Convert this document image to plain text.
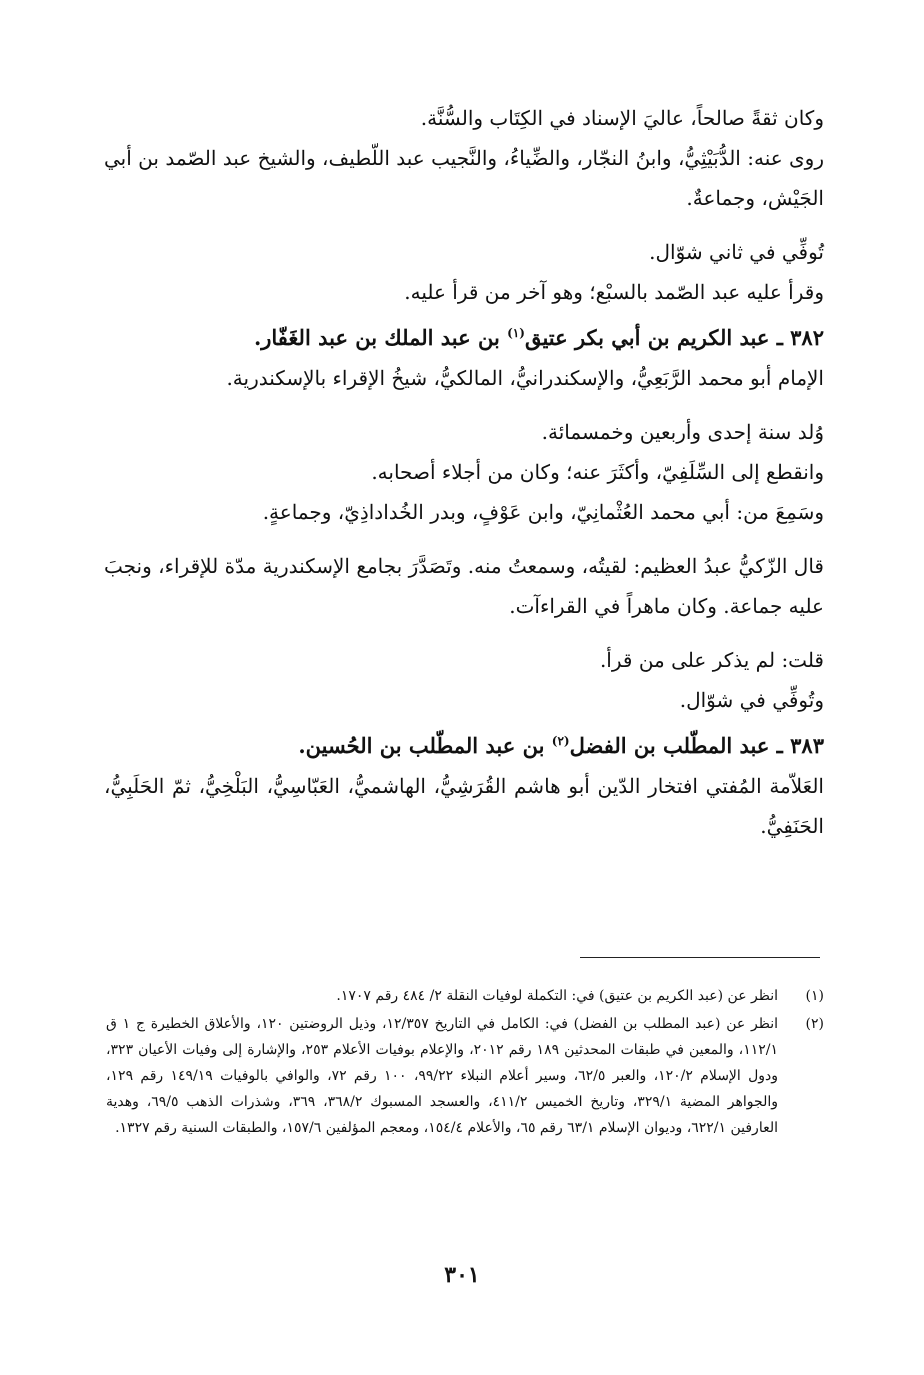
وكان ثقةً صالحاً، عاليَ الإسناد في الكِتَاب والسُّنَّة.

روى عنه: الدُّبَيْثِيُّ، وابنُ النجّار، والضِّياءُ، والنَّجيب عبد اللّطيف، والشيخ عبد الصّمد بن أبي الجَيْش، وجماعةٌ.

تُوفِّي في ثاني شوّال.

وقرأ عليه عبد الصّمد بالسبْع؛ وهو آخر من قرأ عليه.

٣٨٢ ـ عبد الكريم بن أبي بكر عتيق$^{(١)}$ بن عبد الملك بن عبد الغَفّار.

الإمام أبو محمد الرَّبَعِيُّ، والإسكندرانيُّ، المالكيُّ، شيخُ الإقراء بالإسكندرية.

وُلد سنة إحدى وأربعين وخمسمائة.

وانقطع إلى السِّلَفِيّ، وأكثَرَ عنه؛ وكان من أجلاء أصحابه.

وسَمِعَ من: أبي محمد العُثْمانِيّ، وابن عَوْفٍ، وبدر الخُداداذِيّ، وجماعةٍ.

قال الزّكيُّ عبدُ العظيم: لقيتُه، وسمعتُ منه. وتَصَدَّرَ بجامع الإسكندرية مدّة للإقراء، ونجبَ عليه جماعة. وكان ماهراً في القراءآت.

قلت: لم يذكر على من قرأ.

وتُوفِّي في شوّال.

٣٨٣ ـ عبد المطّلب بن الفضل$^{(٢)}$ بن عبد المطّلب بن الحُسين.

العَلاّمة المُفتي افتخار الدّين أبو هاشم القُرَشِيُّ، الهاشميُّ، العَبّاسِيُّ، البَلْخِيُّ، ثمّ الحَلَبِيُّ، الحَنَفِيُّ.

(١)
انظر عن (عبد الكريم بن عتيق) في: التكملة لوفيات النقلة ٢/ ٤٨٤ رقم ١٧٠٧.
(٢)
انظر عن (عبد المطلب بن الفضل) في: الكامل في التاريخ ١٢/٣٥٧، وذيل الروضتين ١٢٠، والأعلاق الخطيرة ج ١ ق ١١٢/١، والمعين في طبقات المحدثين ١٨٩ رقم ٢٠١٢، والإعلام بوفيات الأعلام ٢٥٣، والإشارة إلى وفيات الأعيان ٣٢٣، ودول الإسلام ١٢٠/٢، والعبر ٦٢/٥، وسير أعلام النبلاء ٩٩/٢٢، ١٠٠ رقم ٧٢، والوافي بالوفيات ١٤٩/١٩ رقم ١٢٩، والجواهر المضية ٣٢٩/١، وتاريخ الخميس ٤١١/٢، والعسجد المسبوك ٣٦٨/٢، ٣٦٩، وشذرات الذهب ٦٩/٥، وهدية العارفين ٦٢٢/١، وديوان الإسلام ٦٣/١ رقم ٦٥، والأعلام ١٥٤/٤، ومعجم المؤلفين ١٥٧/٦، والطبقات السنية رقم ١٣٢٧.
٣٠١
